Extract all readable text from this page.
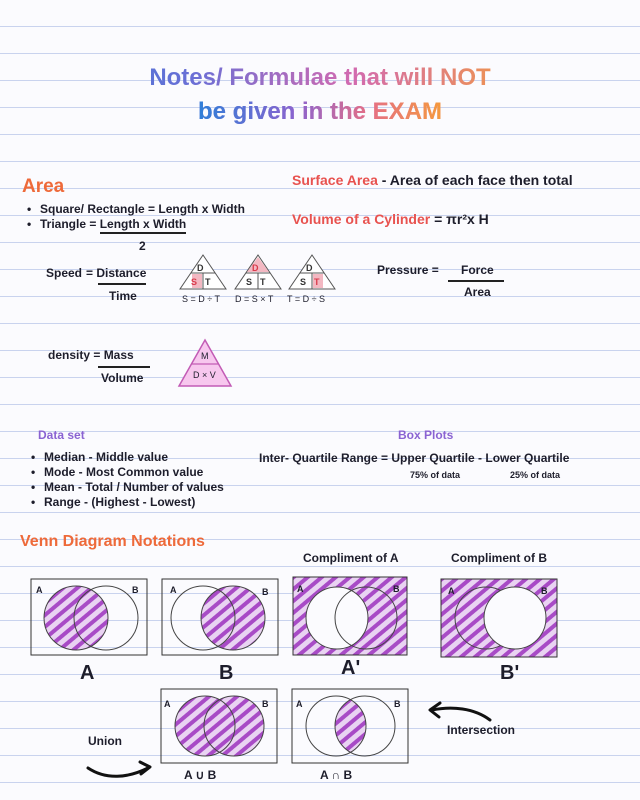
Notes/ Formulae that will NOT
be given in the EXAM
Area
• Square/ Rectangle = Length x Width
• Triangle = Length x Width
2
Surface Area - Area of each face then total
Volume of a Cylinder = πr²x H
Speed = Distance
Time
D
S T
S = D ÷ T
D
S T
D = S × T
D
S T
T = D ÷ S
Pressure = Force
Area
density = Mass
Volume
M
D × V
Data set
• Median - Middle value
• Mode - Most Common value
• Mean - Total / Number of values
• Range - (Highest - Lowest)
Box Plots
Inter- Quartile Range = Upper Quartile - Lower Quartile
75% of data	25% of data
Venn Diagram Notations
Compliment of A	Compliment of B
A	B
A
A	B
B
A	B
A'
A	B
B'
A	B
A ∪ B
Union
A	B
A ∩ B
Intersection
